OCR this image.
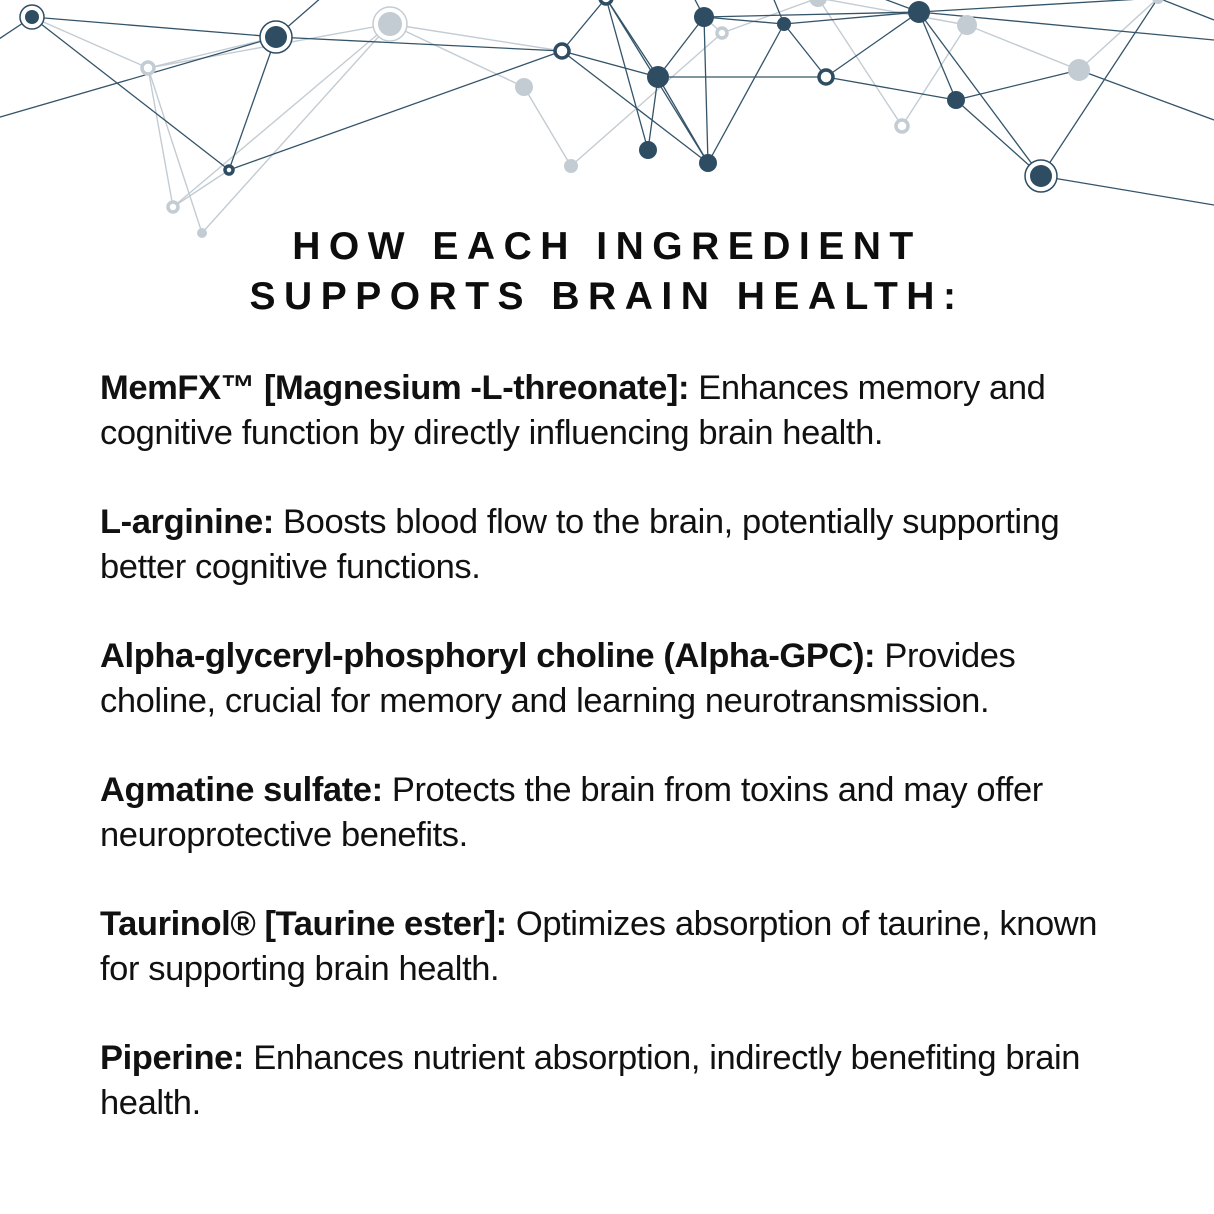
HOW EACH INGREDIENT
SUPPORTS BRAIN HEALTH:

MemFX™ [Magnesium -L-threonate]: Enhances memory and cognitive function by directly influencing brain health.

L-arginine: Boosts blood flow to the brain, potentially supporting better cognitive functions.

Alpha-glyceryl-phosphoryl choline (Alpha-GPC): Provides choline, crucial for memory and learning neurotransmission.

Agmatine sulfate: Protects the brain from toxins and may offer neuroprotective benefits.

Taurinol® [Taurine ester]: Optimizes absorption of taurine, known for supporting brain health.

Piperine: Enhances nutrient absorption, indirectly benefiting brain health.
